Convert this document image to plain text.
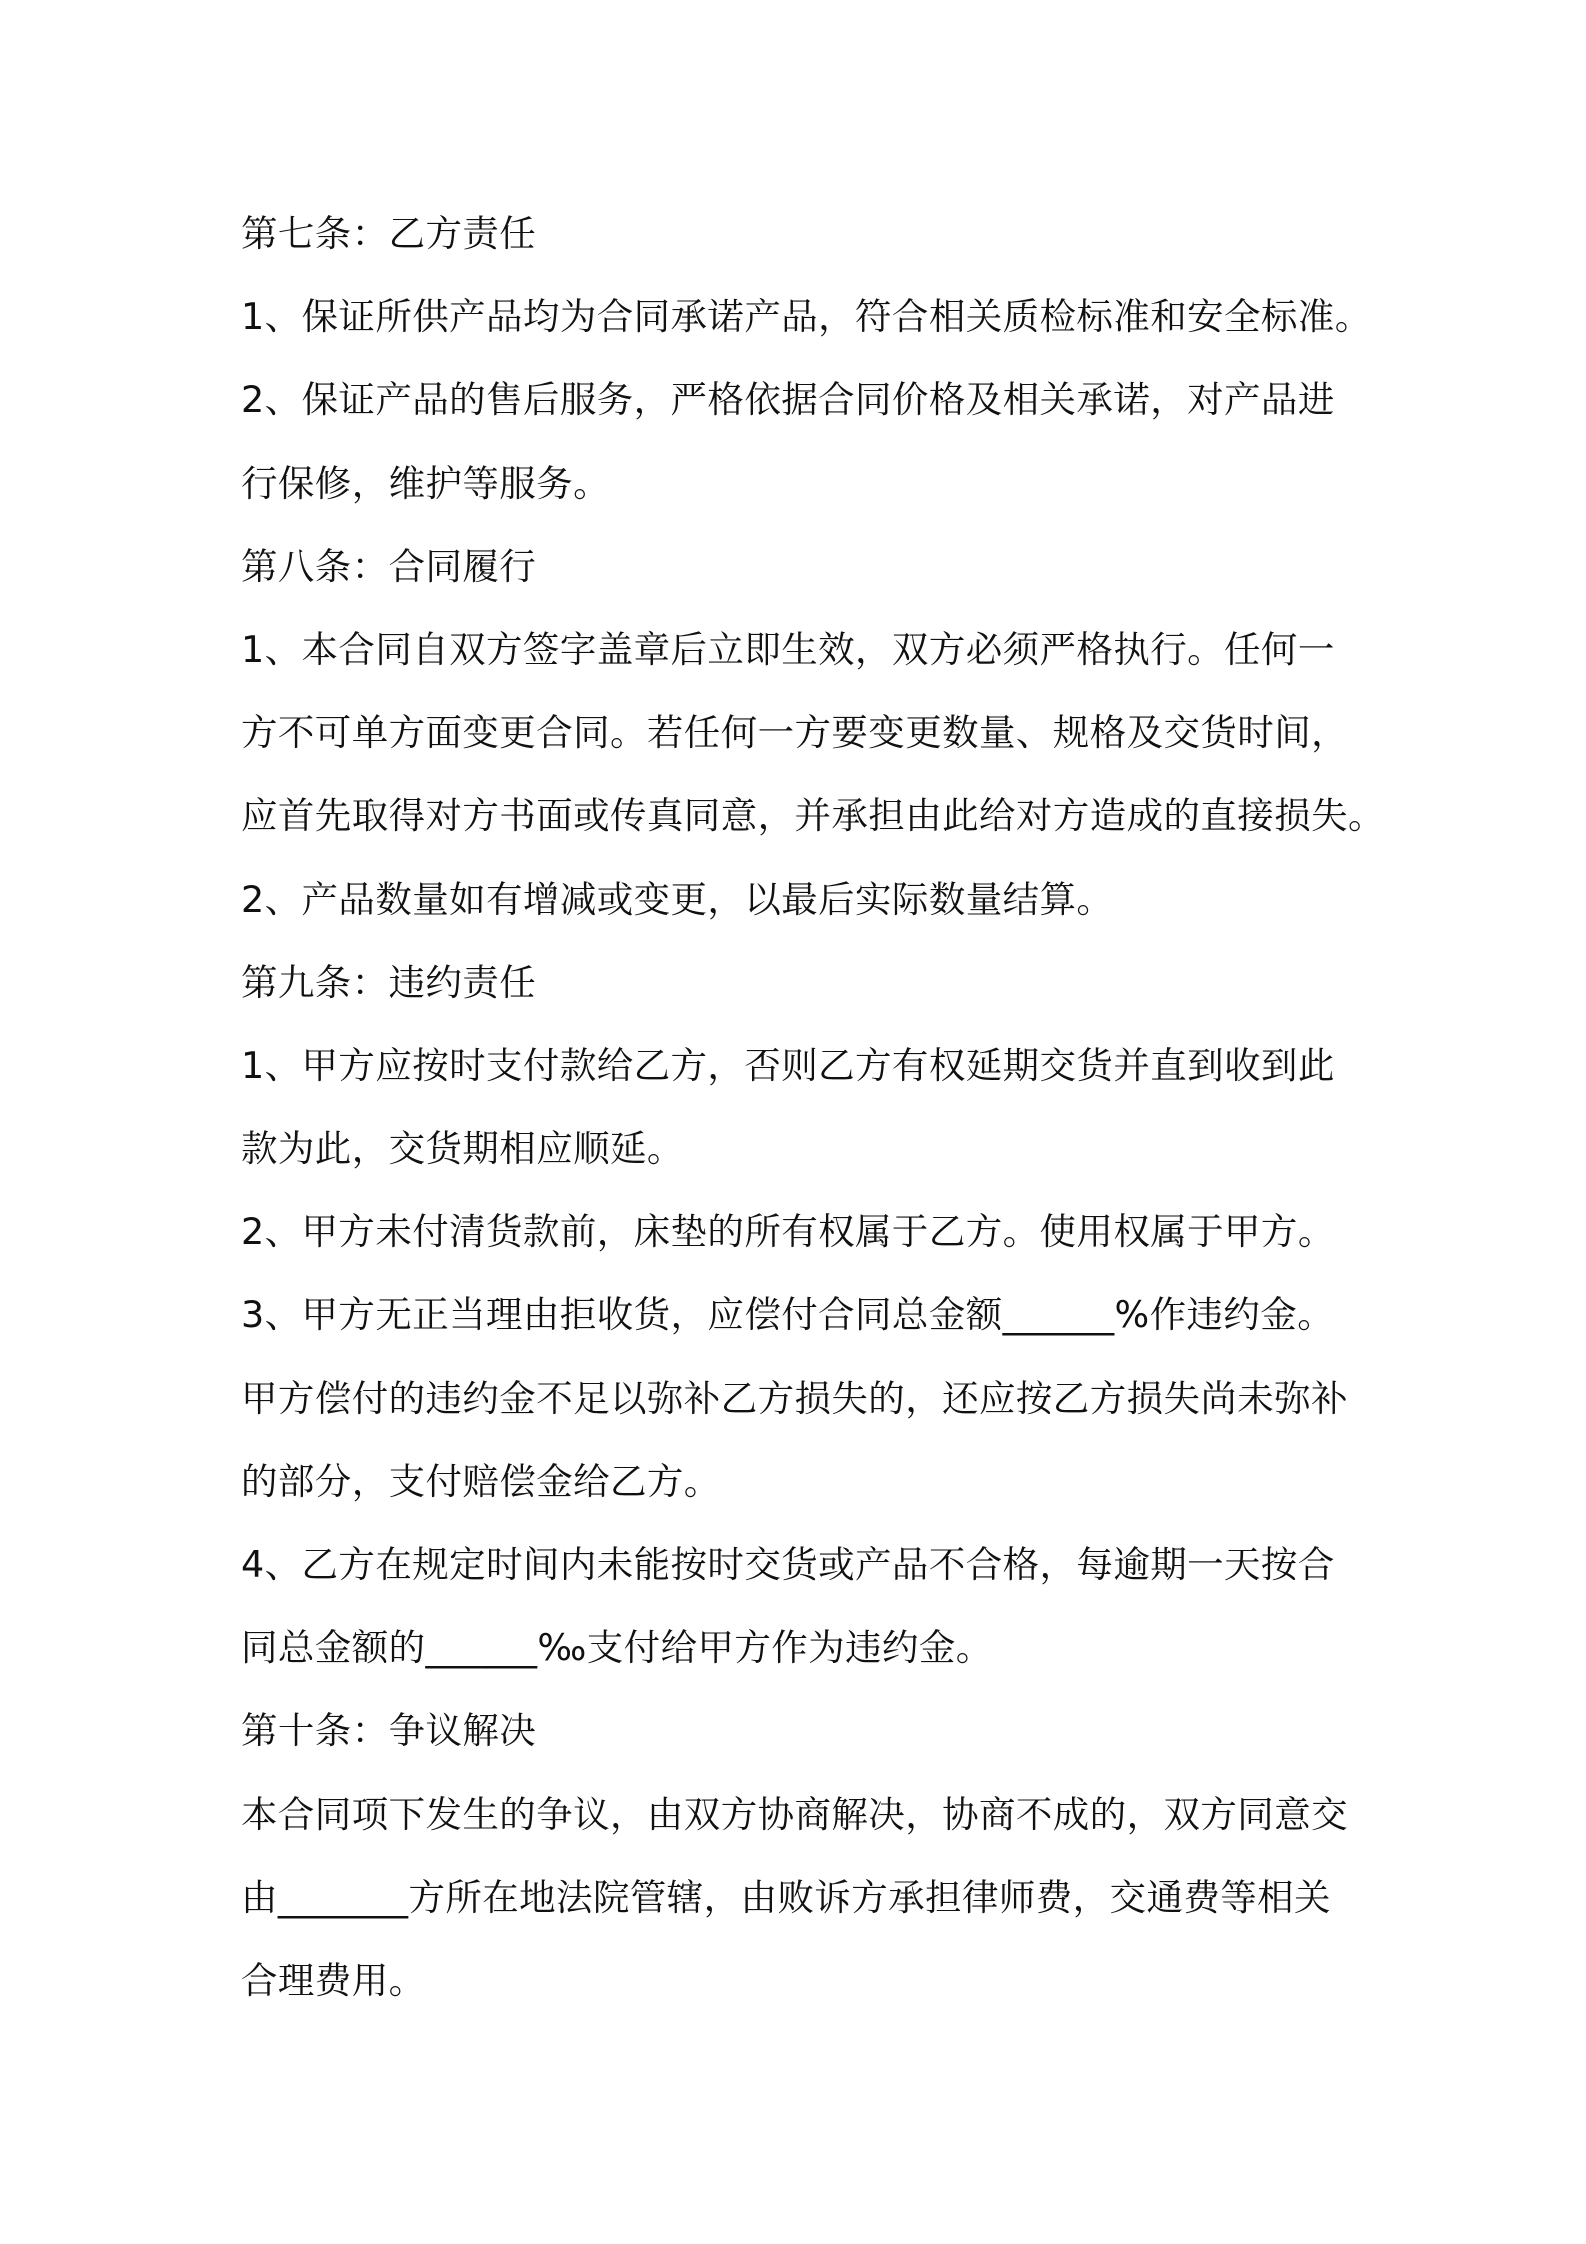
第七条：乙方责任
1、保证所供产品均为合同承诺产品，符合相关质检标准和安全标准。
2、保证产品的售后服务，严格依据合同价格及相关承诺，对产品进
行保修，维护等服务。
第八条：合同履行
1、本合同自双方签字盖章后立即生效，双方必须严格执行。任何一
方不可单方面变更合同。若任何一方要变更数量、规格及交货时间，
应首先取得对方书面或传真同意，并承担由此给对方造成的直接损失。
2、产品数量如有增减或变更，以最后实际数量结算。
第九条：违约责任
1、甲方应按时支付款给乙方，否则乙方有权延期交货并直到收到此
款为此，交货期相应顺延。
2、甲方未付清货款前，床垫的所有权属于乙方。使用权属于甲方。
3、甲方无正当理由拒收货，应偿付合同总金额______%作违约金。
甲方偿付的违约金不足以弥补乙方损失的，还应按乙方损失尚未弥补
的部分，支付赔偿金给乙方。
4、乙方在规定时间内未能按时交货或产品不合格，每逾期一天按合
同总金额的______‰支付给甲方作为违约金。
第十条：争议解决
本合同项下发生的争议，由双方协商解决，协商不成的，双方同意交
由_______方所在地法院管辖，由败诉方承担律师费，交通费等相关
合理费用。
